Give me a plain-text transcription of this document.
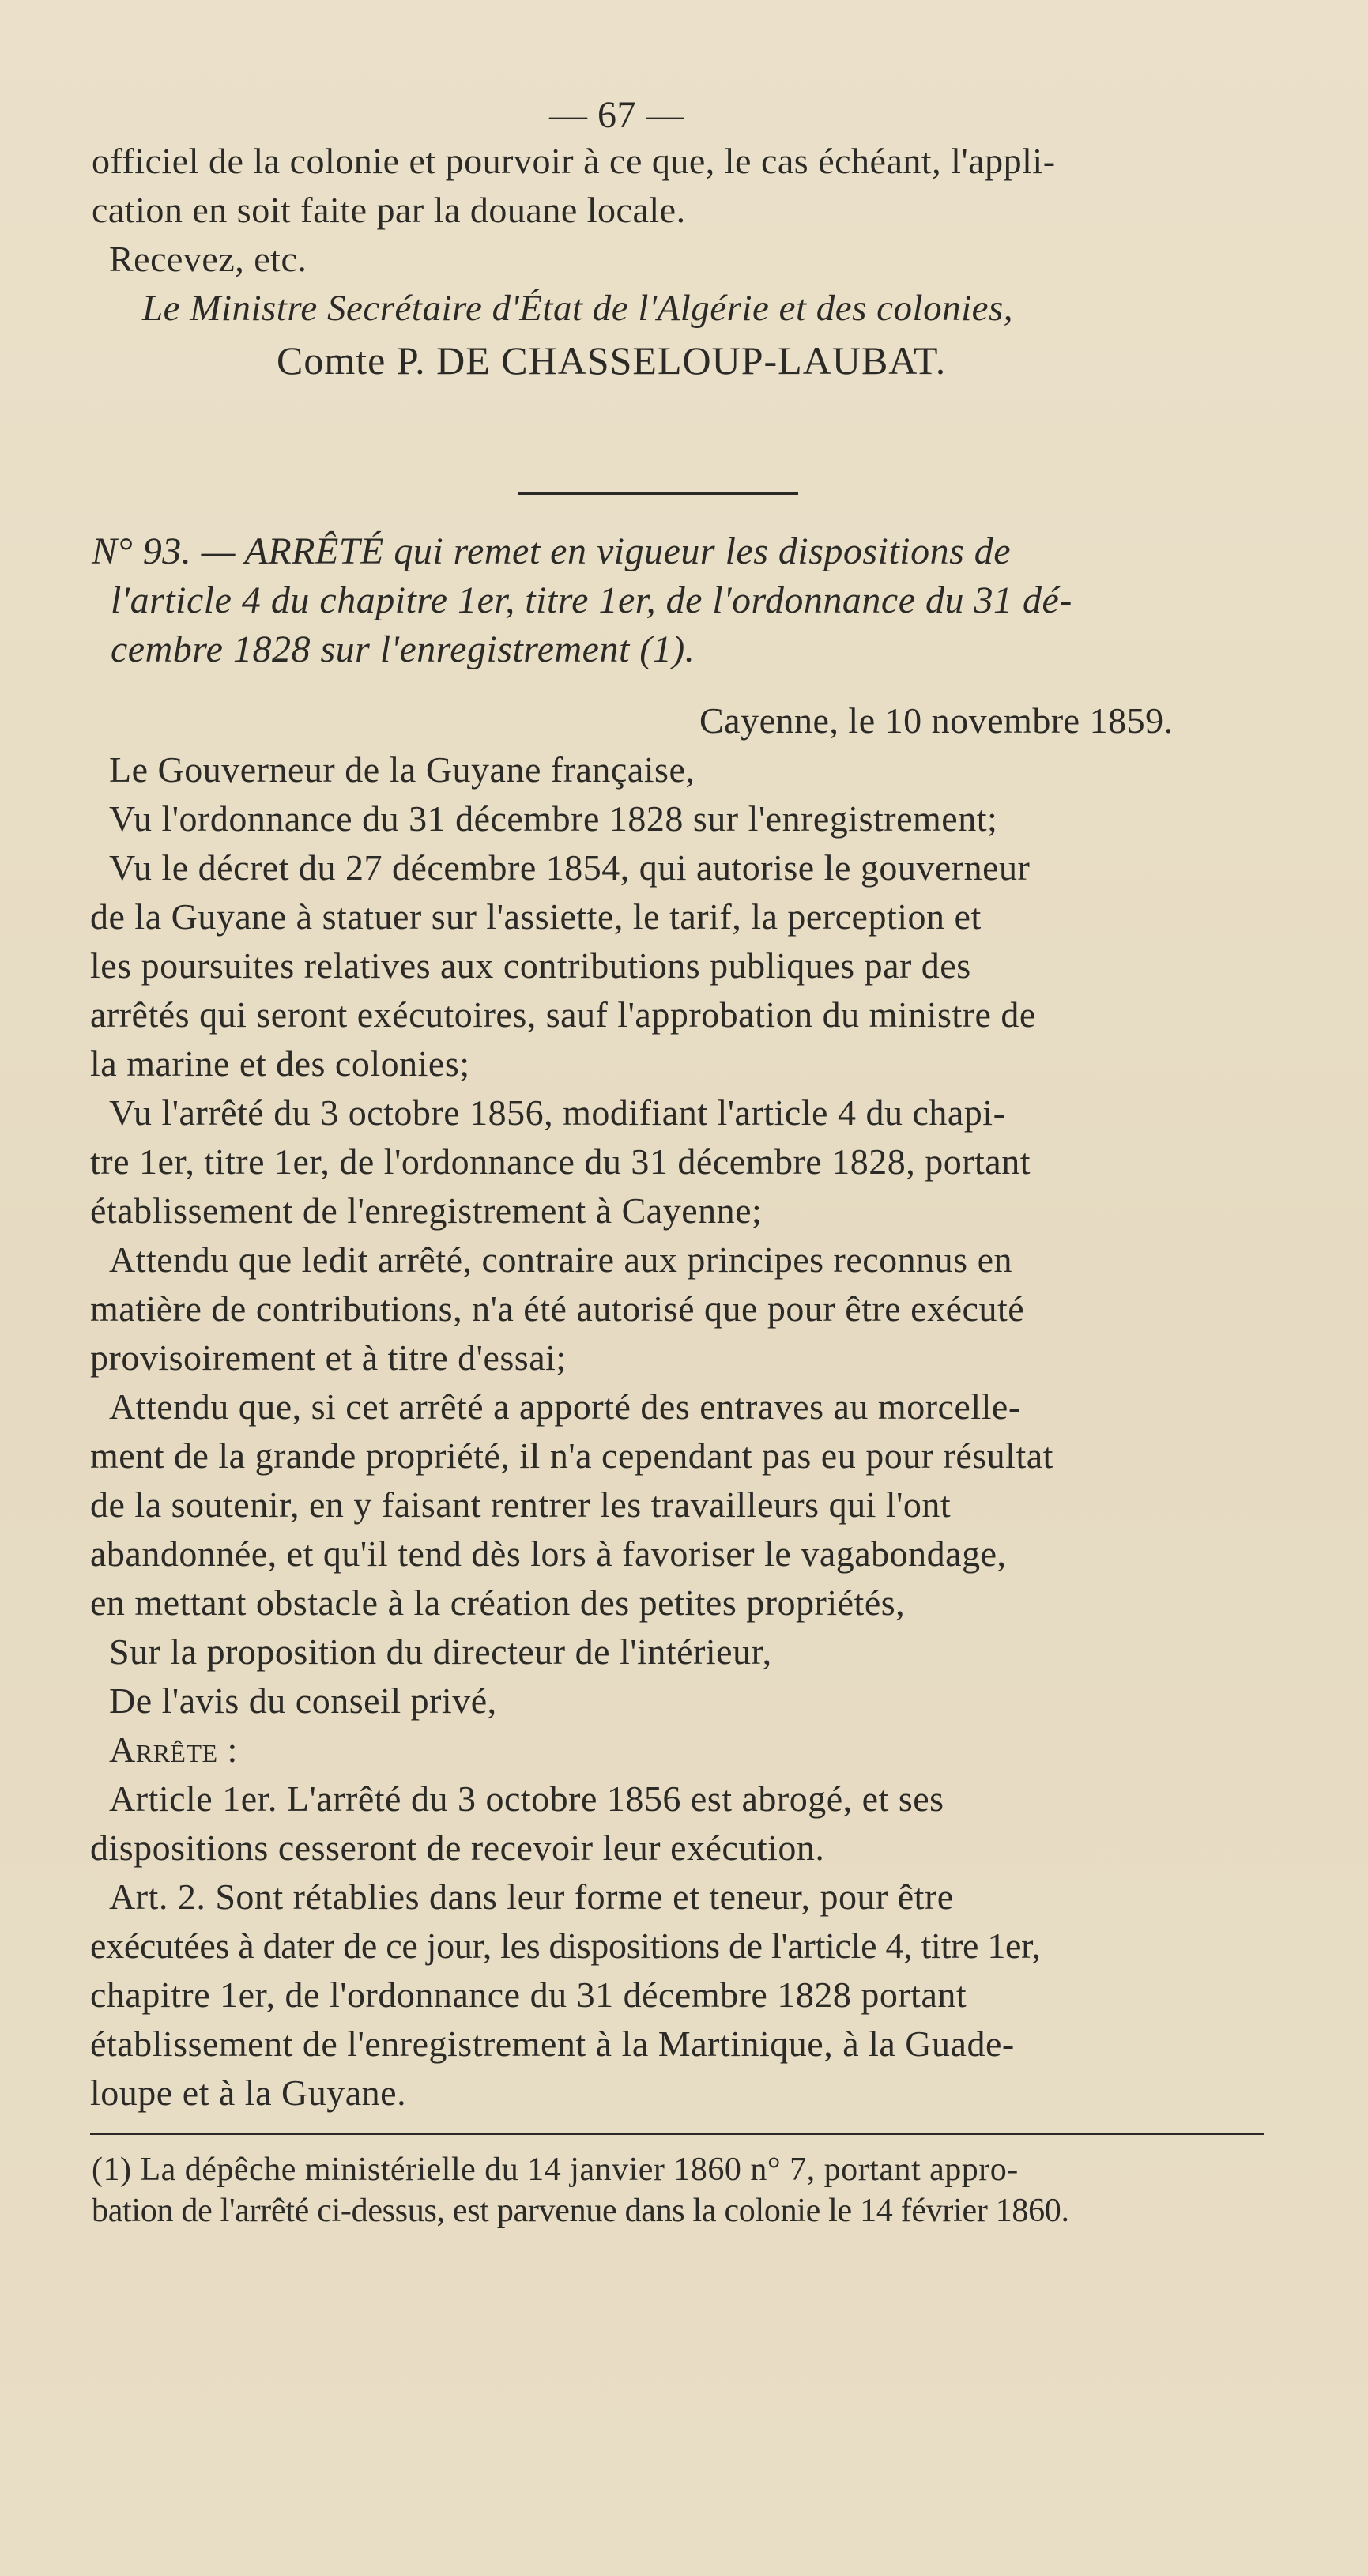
— 67 —
officiel de la colonie et pourvoir à ce que, le cas échéant, l'appli-
cation en soit faite par la douane locale.
Recevez, etc.
Le Ministre Secrétaire d'État de l'Algérie et des colonies,
Comte P. DE CHASSELOUP-LAUBAT.
N° 93. — ARRÊTÉ qui remet en vigueur les dispositions de
l'article 4 du chapitre 1er, titre 1er, de l'ordonnance du 31 dé-
cembre 1828 sur l'enregistrement (1).
Cayenne, le 10 novembre 1859.
Le Gouverneur de la Guyane française,
Vu l'ordonnance du 31 décembre 1828 sur l'enregistrement;
Vu le décret du 27 décembre 1854, qui autorise le gouverneur
de la Guyane à statuer sur l'assiette, le tarif, la perception et
les poursuites relatives aux contributions publiques par des
arrêtés qui seront exécutoires, sauf l'approbation du ministre de
la marine et des colonies;
Vu l'arrêté du 3 octobre 1856, modifiant l'article 4 du chapi-
tre 1er, titre 1er, de l'ordonnance du 31 décembre 1828, portant
établissement de l'enregistrement à Cayenne;
Attendu que ledit arrêté, contraire aux principes reconnus en
matière de contributions, n'a été autorisé que pour être exécuté
provisoirement et à titre d'essai;
Attendu que, si cet arrêté a apporté des entraves au morcelle-
ment de la grande propriété, il n'a cependant pas eu pour résultat
de la soutenir, en y faisant rentrer les travailleurs qui l'ont
abandonnée, et qu'il tend dès lors à favoriser le vagabondage,
en mettant obstacle à la création des petites propriétés,
Sur la proposition du directeur de l'intérieur,
De l'avis du conseil privé,
Arrête :
Article 1er. L'arrêté du 3 octobre 1856 est abrogé, et ses
dispositions cesseront de recevoir leur exécution.
Art. 2. Sont rétablies dans leur forme et teneur, pour être
exécutées à dater de ce jour, les dispositions de l'article 4, titre 1er,
chapitre 1er, de l'ordonnance du 31 décembre 1828 portant
établissement de l'enregistrement à la Martinique, à la Guade-
loupe et à la Guyane.
(1) La dépêche ministérielle du 14 janvier 1860 n° 7, portant appro-
bation de l'arrêté ci-dessus, est parvenue dans la colonie le 14 février 1860.
